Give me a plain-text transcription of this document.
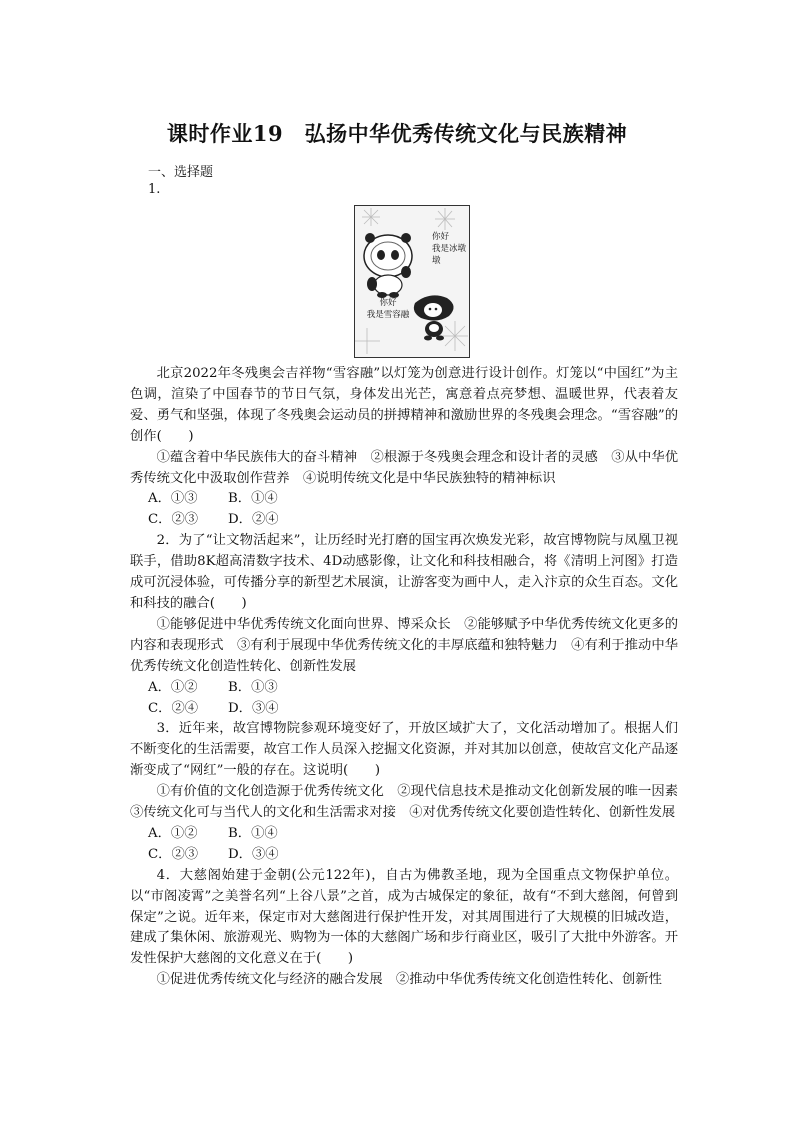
课时作业19　弘扬中华优秀传统文化与民族精神
一、选择题
1.
你好
我是冰墩墩
你好
我是雪容融

北京2022年冬残奥会吉祥物“雪容融”以灯笼为创意进行设计创作。灯笼以“中国红”为主色调，渲染了中国春节的节日气氛，身体发出光芒，寓意着点亮梦想、温暖世界，代表着友爱、勇气和坚强，体现了冬残奥会运动员的拼搏精神和激励世界的冬残奥会理念。“雪容融”的创作(　　)

①蕴含着中华民族伟大的奋斗精神　②根源于冬残奥会理念和设计者的灵感　③从中华优秀传统文化中汲取创作营养　④说明传统文化是中华民族独特的精神标识

A．①③ B．①④

C．②③ D．②④

2．为了“让文物活起来”，让历经时光打磨的国宝再次焕发光彩，故宫博物院与凤凰卫视联手，借助8K超高清数字技术、4D动感影像，让文化和科技相融合，将《清明上河图》打造成可沉浸体验，可传播分享的新型艺术展演，让游客变为画中人，走入汴京的众生百态。文化和科技的融合(　　)

①能够促进中华优秀传统文化面向世界、博采众长　②能够赋予中华优秀传统文化更多的内容和表现形式　③有利于展现中华优秀传统文化的丰厚底蕴和独特魅力　④有利于推动中华优秀传统文化创造性转化、创新性发展

A．①② B．①③

C．②④ D．③④

3．近年来，故宫博物院参观环境变好了，开放区域扩大了，文化活动增加了。根据人们不断变化的生活需要，故宫工作人员深入挖掘文化资源，并对其加以创意，使故宫文化产品逐渐变成了“网红”一般的存在。这说明(　　)

①有价值的文化创造源于优秀传统文化　②现代信息技术是推动文化创新发展的唯一因素　③传统文化可与当代人的文化和生活需求对接　④对优秀传统文化要创造性转化、创新性发展

A．①② B．①④

C．②③ D．③④

4．大慈阁始建于金朝(公元122年)，自古为佛教圣地，现为全国重点文物保护单位。以“市阁凌霄”之美誉名列“上谷八景”之首，成为古城保定的象征，故有“不到大慈阁，何曾到保定”之说。近年来，保定市对大慈阁进行保护性开发，对其周围进行了大规模的旧城改造，建成了集休闲、旅游观光、购物为一体的大慈阁广场和步行商业区，吸引了大批中外游客。开发性保护大慈阁的文化意义在于(　　)

①促进优秀传统文化与经济的融合发展　②推动中华优秀传统文化创造性转化、创新性
